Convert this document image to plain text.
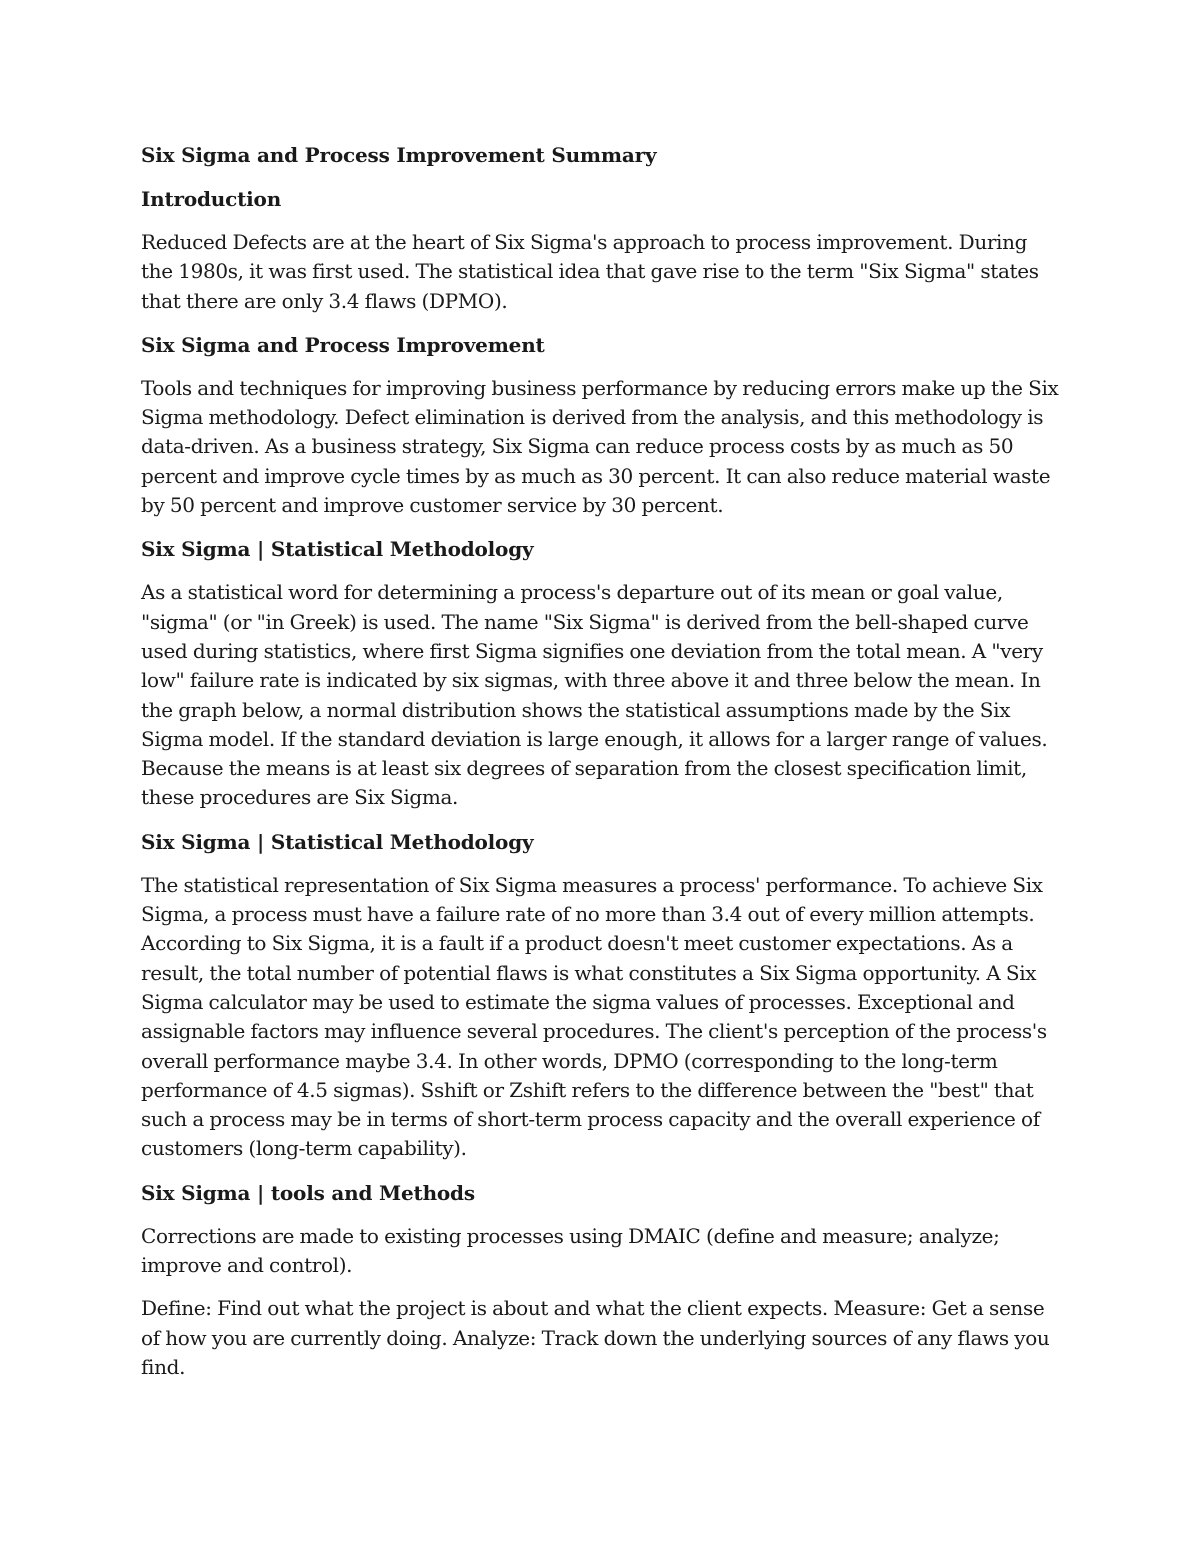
Six Sigma and Process Improvement Summary
Introduction
Reduced Defects are at the heart of Six Sigma's approach to process improvement. During the 1980s, it was first used. The statistical idea that gave rise to the term "Six Sigma" states that there are only 3.4 flaws (DPMO).
Six Sigma and Process Improvement
Tools and techniques for improving business performance by reducing errors make up the Six Sigma methodology. Defect elimination is derived from the analysis, and this methodology is data-driven. As a business strategy, Six Sigma can reduce process costs by as much as 50 percent and improve cycle times by as much as 30 percent. It can also reduce material waste by 50 percent and improve customer service by 30 percent.
Six Sigma | Statistical Methodology
As a statistical word for determining a process's departure out of its mean or goal value, "sigma" (or "in Greek) is used. The name "Six Sigma" is derived from the bell-shaped curve used during statistics, where first Sigma signifies one deviation from the total mean. A "very low" failure rate is indicated by six sigmas, with three above it and three below the mean. In the graph below, a normal distribution shows the statistical assumptions made by the Six Sigma model. If the standard deviation is large enough, it allows for a larger range of values. Because the means is at least six degrees of separation from the closest specification limit, these procedures are Six Sigma.
Six Sigma | Statistical Methodology
The statistical representation of Six Sigma measures a process' performance. To achieve Six Sigma, a process must have a failure rate of no more than 3.4 out of every million attempts. According to Six Sigma, it is a fault if a product doesn't meet customer expectations. As a result, the total number of potential flaws is what constitutes a Six Sigma opportunity. A Six Sigma calculator may be used to estimate the sigma values of processes. Exceptional and assignable factors may influence several procedures. The client's perception of the process's overall performance maybe 3.4. In other words, DPMO (corresponding to the long-term performance of 4.5 sigmas). Sshift or Zshift refers to the difference between the "best" that such a process may be in terms of short-term process capacity and the overall experience of customers (long-term capability).
Six Sigma | tools and Methods
Corrections are made to existing processes using DMAIC (define and measure; analyze; improve and control).
Define: Find out what the project is about and what the client expects. Measure: Get a sense of how you are currently doing. Analyze: Track down the underlying sources of any flaws you find.
